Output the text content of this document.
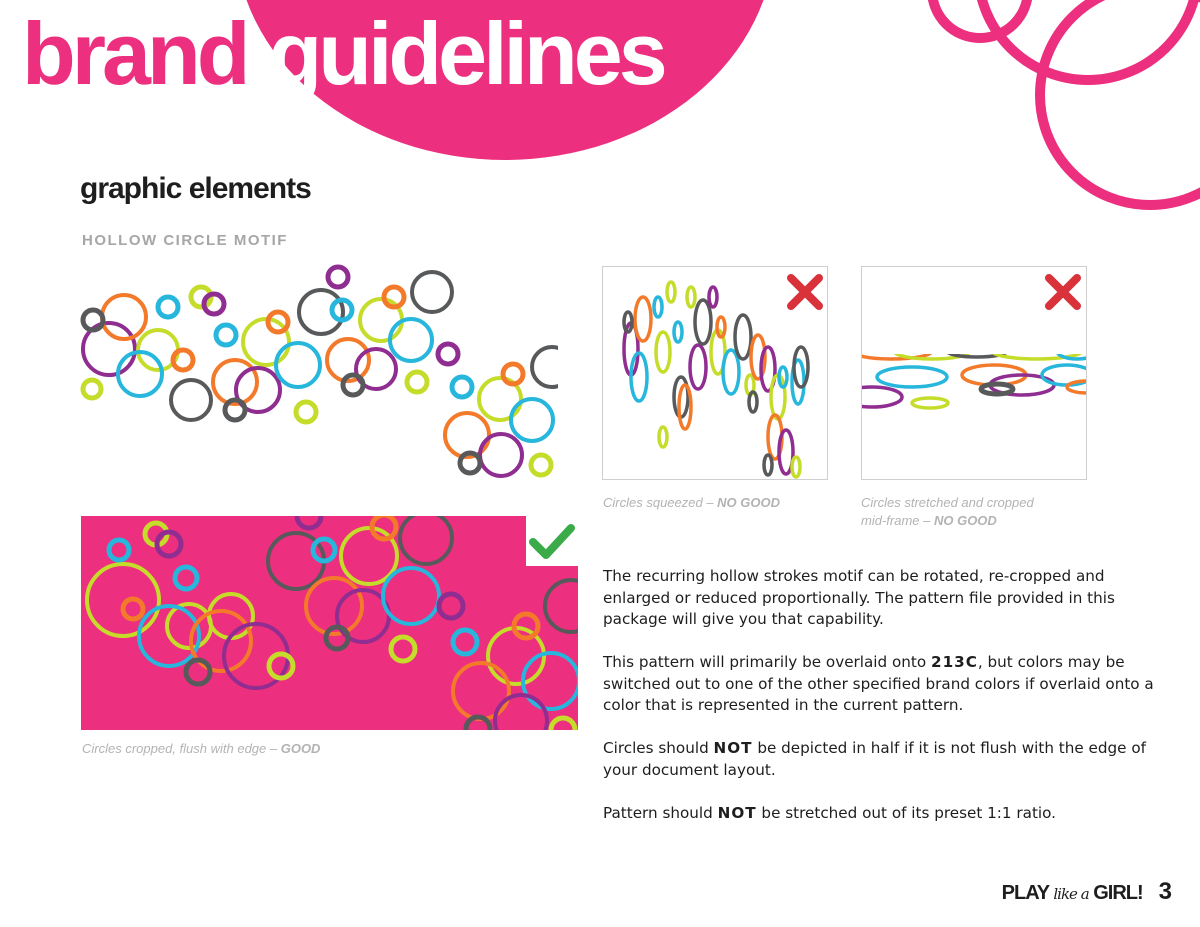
brand guidelines
graphic elements
HOLLOW CIRCLE MOTIF
Circles squeezed – NO GOOD	Circles stretched and cropped
mid-frame – NO GOOD
Circles cropped, flush with edge – GOOD

The recurring hollow strokes motif can be rotated, re-cropped and enlarged or reduced proportionally. The pattern file provided in this package will give you that capability.

This pattern will primarily be overlaid onto 213C, but colors may be switched out to one of the other specified brand colors if overlaid onto a color that is represented in the current pattern.

Circles should NOT be depicted in half if it is not flush with the edge of your document layout.

Pattern should NOT be stretched out of its preset 1:1 ratio.

PLAY like a GIRL! 3
